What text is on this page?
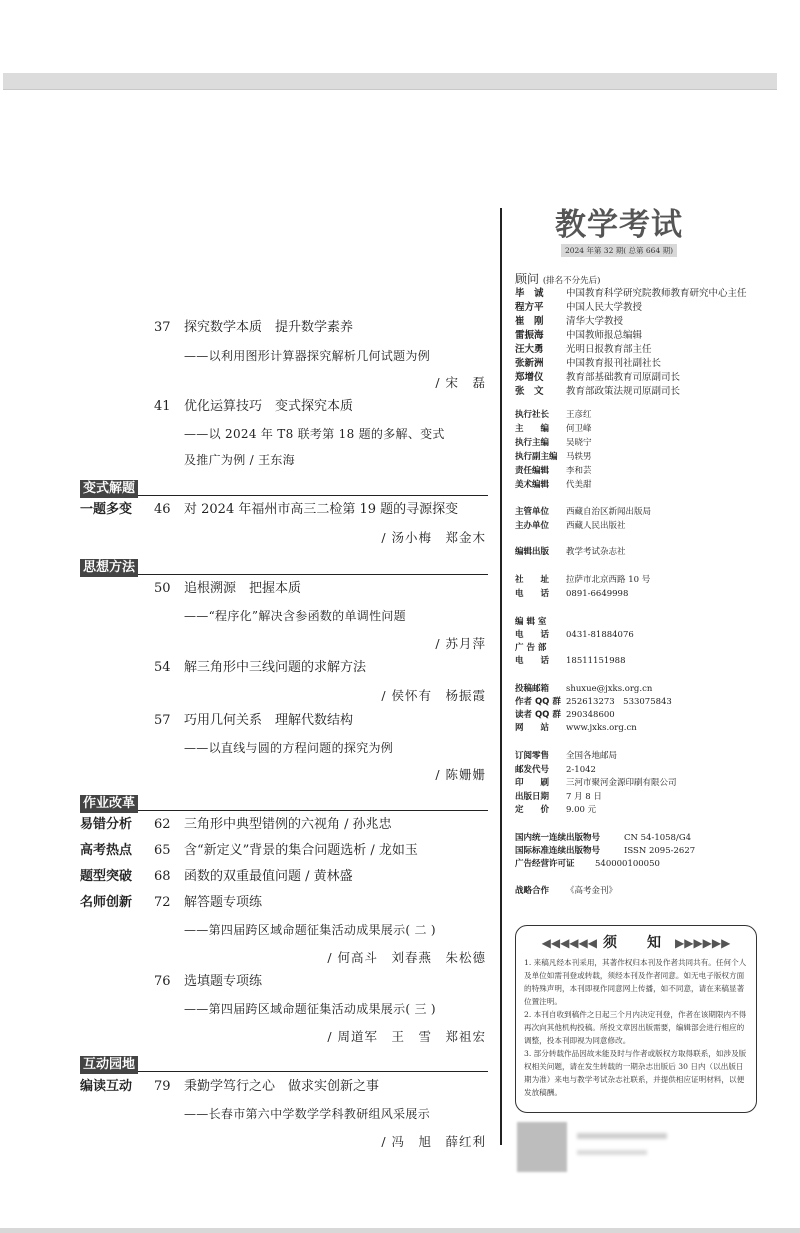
37	探究数学本质　提升数学素养
——以利用图形计算器探究解析几何试题为例
/ 宋　磊
41	优化运算技巧　变式探究本质
——以 2024 年 T8 联考第 18 题的多解、变式
及推广为例 / 王东海
变式解题
一题多变	46	对 2024 年福州市高三二检第 19 题的寻源探变
/ 汤小梅　郑金木
思想方法
50	追根溯源　把握本质
——“程序化”解决含参函数的单调性问题
/ 苏月萍
54	解三角形中三线问题的求解方法
/ 侯怀有　杨振霞
57	巧用几何关系　理解代数结构
——以直线与圆的方程问题的探究为例
/ 陈姗姗
作业改革
易错分析	62	三角形中典型错例的六视角 / 孙兆忠
高考热点	65	含“新定义”背景的集合问题选析 / 龙如玉
题型突破	68	函数的双重最值问题 / 黄林盛
名师创新	72	解答题专项练
——第四届跨区域命题征集活动成果展示( 二 )
/ 何高斗　刘春燕　朱松德
76	选填题专项练
——第四届跨区域命题征集活动成果展示( 三 )
/ 周道军　王　雪　郑祖宏
互动园地
编读互动	79	秉勤学笃行之心　做求实创新之事
——长春市第六中学数学学科教研组风采展示
/ 冯　旭　薛红利
教学考试
2024 年第 32 期( 总第 664 期)
顾问 (排名不分先后)
毕　诚	中国教育科学研究院教师教育研究中心主任
程方平	中国人民大学教授
崔　刚	清华大学教授
雷振海	中国教师报总编辑
汪大勇	光明日报教育部主任
张新洲	中国教育报刊社副社长
郑增仪	教育部基础教育司原副司长
张　文	教育部政策法规司原副司长
执行社长	王彦红
主　　编	何卫峰
执行主编	吴晓宁
执行副主编 马轶男
责任编辑	李和芸
美术编辑	代美甜
主管单位	西藏自治区新闻出版局
主办单位	西藏人民出版社
编辑出版	教学考试杂志社
社　　址	拉萨市北京西路 10 号
电　　话	0891-6649998
编 辑 室
电　　话	0431-81884076
广 告 部
电　　话	18511151988
投稿邮箱	shuxue@jxks.org.cn
作者 QQ 群 252613273　533075843
读者 QQ 群 290348600
网　　站	www.jxks.org.cn
订阅零售	全国各地邮局
邮发代号	2-1042
印　　刷	三河市聚河金源印刷有限公司
出版日期	7 月 8 日
定　　价	9.00 元
国内统一连续出版物号	CN 54-1058/G4
国际标准连续出版物号	ISSN 2095-2627
广告经营许可证	540000100050
战略合作	《高考金刊》
◀◀◀◀◀◀ 须　知 ▶▶▶▶▶▶
1. 来稿凡经本刊采用，其著作权归本刊及作者共同共有。任何个人及单位如需刊登或转载，须经本刊及作者同意。如无电子版权方面的特殊声明，本刊即视作同意网上传播，如不同意，请在来稿显著位置注明。
2. 本刊自收到稿件之日起三个月内决定刊登，作者在该期限内不得再次向其他机构投稿。所投文章因出版需要，编辑部会进行相应的调整，投本刊即视为同意修改。
3. 部分转载作品因故未能及时与作者或版权方取得联系，如涉及版权相关问题，请在发生转载的一期杂志出版后 30 日内（以出版日期为准）来电与教学考试杂志社联系，并提供相应证明材料，以便发放稿酬。
